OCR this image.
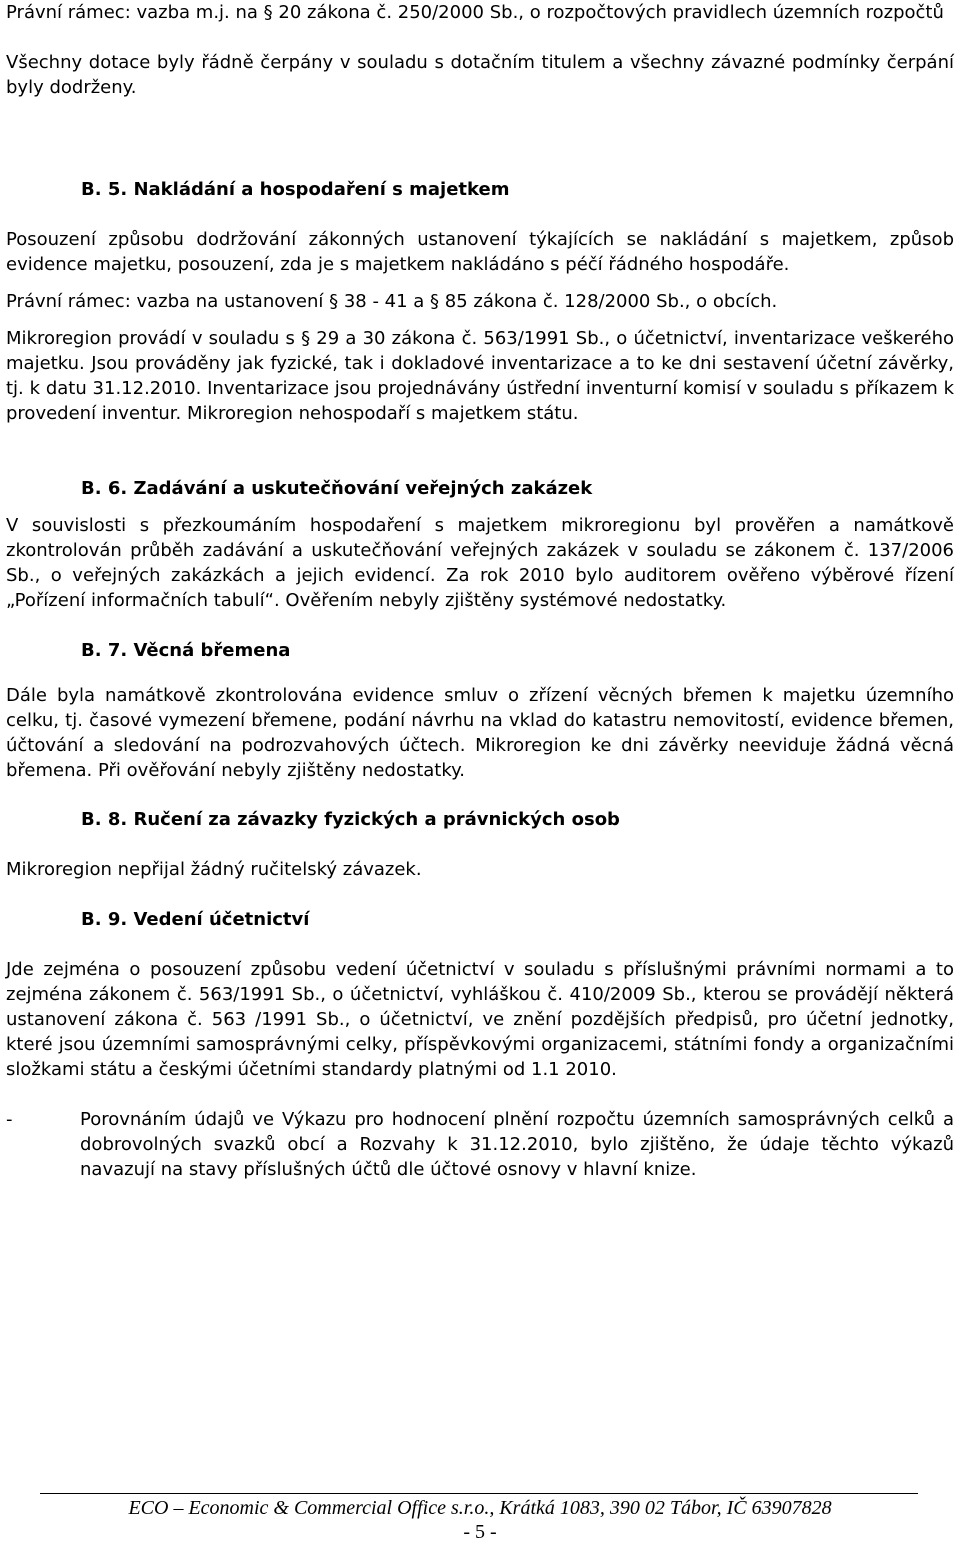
Právní rámec: vazba m.j. na § 20 zákona č. 250/2000 Sb., o rozpočtových pravidlech územních rozpočtů

Všechny dotace byly řádně čerpány v souladu s dotačním titulem a všechny závazné podmínky čerpání byly dodrženy.

B. 5. Nakládání a hospodaření s majetkem

Posouzení způsobu dodržování zákonných ustanovení týkajících se nakládání s majetkem, způsob evidence majetku, posouzení, zda je s majetkem nakládáno s péčí řádného hospodáře.

Právní rámec: vazba na ustanovení § 38 - 41 a § 85 zákona č. 128/2000 Sb., o obcích.

Mikroregion provádí v souladu s § 29 a 30 zákona č. 563/1991 Sb., o účetnictví, inventarizace veškerého majetku. Jsou prováděny jak fyzické, tak i dokladové inventarizace a to ke dni sestavení účetní závěrky, tj. k datu 31.12.2010. Inventarizace jsou projednávány ústřední inventurní komisí v souladu s příkazem k provedení inventur. Mikroregion nehospodaří s majetkem státu.

B. 6. Zadávání a uskutečňování veřejných zakázek

V souvislosti s přezkoumáním hospodaření s majetkem mikroregionu byl prověřen a namátkově zkontrolován průběh zadávání a uskutečňování veřejných zakázek v souladu se zákonem č. 137/2006 Sb., o veřejných zakázkách a jejich evidencí. Za rok 2010 bylo auditorem ověřeno výběrové řízení „Pořízení informačních tabulí“. Ověřením nebyly zjištěny systémové nedostatky.

B. 7. Věcná břemena

Dále byla namátkově zkontrolována evidence smluv o zřízení věcných břemen k majetku územního celku, tj. časové vymezení břemene, podání návrhu na vklad do katastru nemovitostí, evidence břemen, účtování a sledování na podrozvahových účtech. Mikroregion ke dni závěrky neeviduje žádná věcná břemena. Při ověřování nebyly zjištěny nedostatky.

B. 8. Ručení za závazky fyzických a právnických osob

Mikroregion nepřijal žádný ručitelský závazek.

B. 9. Vedení účetnictví

Jde zejména o posouzení způsobu vedení účetnictví v souladu s příslušnými právními normami a to zejména zákonem č. 563/1991 Sb., o účetnictví, vyhláškou č. 410/2009 Sb., kterou se provádějí některá ustanovení zákona č. 563 /1991 Sb., o účetnictví, ve znění pozdějších předpisů, pro účetní jednotky, které jsou územními samosprávnými celky, příspěvkovými organizacemi, státními fondy a organizačními složkami státu a českými účetními standardy platnými od 1.1 2010.

-	Porovnáním údajů ve Výkazu pro hodnocení plnění rozpočtu územních samosprávných celků a dobrovolných svazků obcí a Rozvahy k 31.12.2010, bylo zjištěno, že údaje těchto výkazů navazují na stavy příslušných účtů dle účtové osnovy v hlavní knize.

ECO – Economic & Commercial Office s.r.o., Krátká 1083, 390 02 Tábor, IČ 63907828
- 5 -
